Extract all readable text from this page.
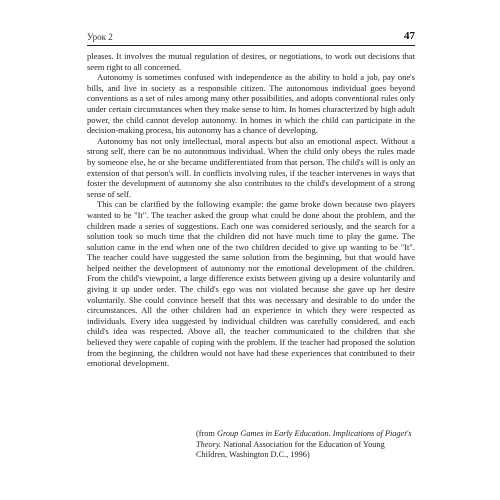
Урок 2	47

pleases. It involves the mutual regulation of desires, or negotiations, to work out decisions that seem right to all concerned.

Autonomy is sometimes confused with independence as the ability to hold a job, pay one's bills, and live in society as a responsible citizen. The autonomous individual goes beyond conventions as a set of rules among many other possibilities, and adopts conventional rules only under certain circumstances when they make sense to him. In homes characterized by high adult power, the child cannot develop autonomy. In homes in which the child can participate in the decision-making process, his autonomy has a chance of developing.

Autonomy has not only intellectual, moral aspects but also an emotional aspect. Without a strong self, there can be no autonomous individual. When the child only obeys the rules made by someone else, he or she became undifferentiated from that person. The child's will is only an extension of that person's will. In conflicts involving rules, if the teacher intervenes in ways that foster the development of autonomy she also contributes to the child's development of a strong sense of self.

This can be clarified by the following example: the game broke down because two players wanted to be "It". The teacher asked the group what could be done about the problem, and the children made a series of suggestions. Each one was considered seriously, and the search for a solution took so much time that the children did not have much time to play the game. The solution came in the end when one of the two children decided to give up wanting to be "It". The teacher could have suggested the same solution from the beginning, but that would have helped neither the development of autonomy nor the emotional development of the children. From the child's viewpoint, a large difference exists between giving up a desire voluntarily and giving it up under order. The child's ego was not violated because she gave up her desire voluntarily. She could convince herself that this was necessary and desirable to do under the circumstances. All the other children had an experience in which they were respected as individuals. Every idea suggested by individual children was carefully considered, and each child's idea was respected. Above all, the teacher communicated to the children that she believed they were capable of coping with the problem. If the teacher had proposed the solution from the beginning, the children would not have had these experiences that contributed to their emotional development.

(from Group Games in Early Education. Implications of Piaget's Theory. National Association for the Education of Young Children, Washington D.C., 1996)
